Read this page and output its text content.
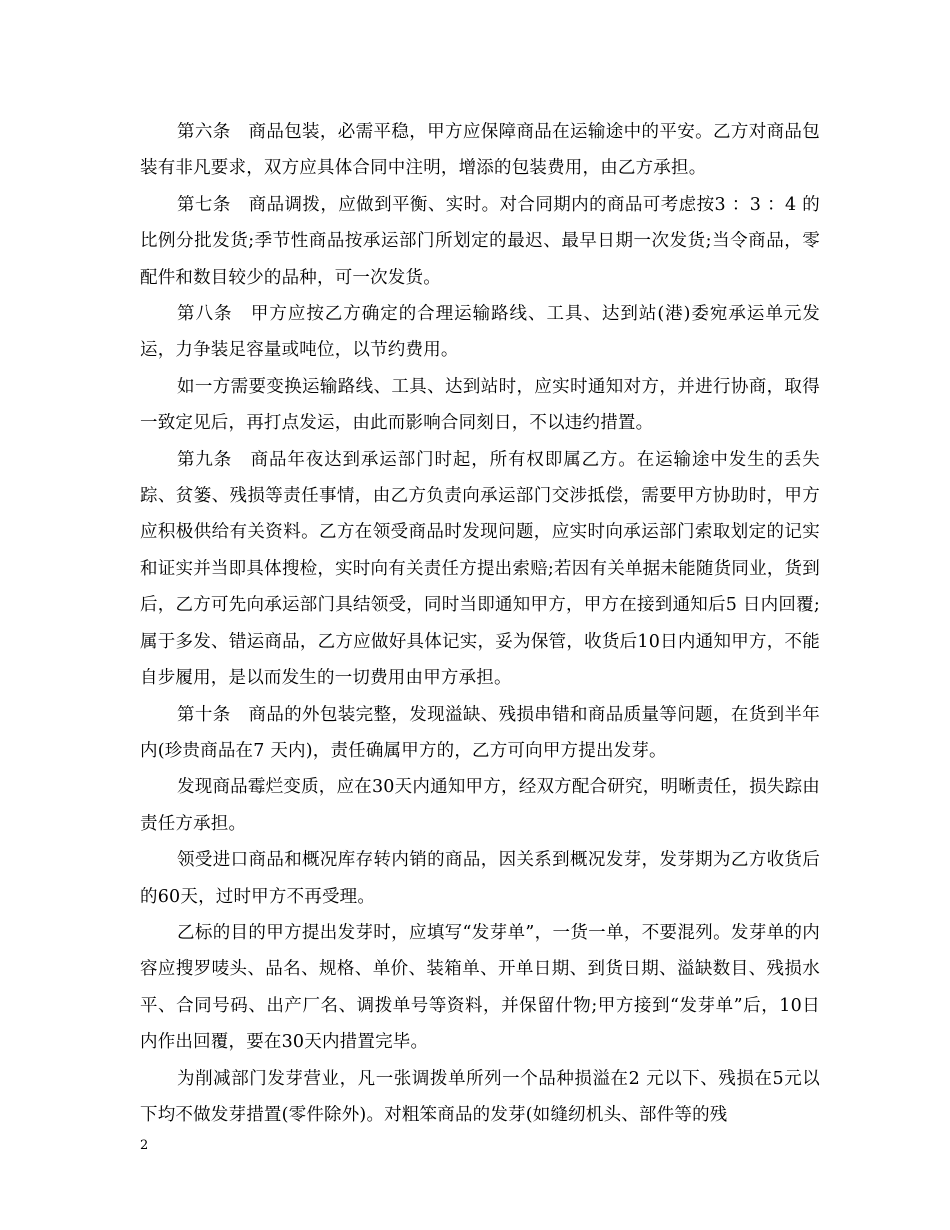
第六条　商品包装，必需平稳，甲方应保障商品在运输途中的平安。乙方对商品包装有非凡要求，双方应具体合同中注明，增添的包装费用，由乙方承担。

第七条　商品调拨，应做到平衡、实时。对合同期内的商品可考虑按3 ：3 ：4 的比例分批发货;季节性商品按承运部门所划定的最迟、最早日期一次发货;当令商品，零配件和数目较少的品种，可一次发货。

第八条　甲方应按乙方确定的合理运输路线、工具、达到站(港)委宛承运单元发运，力争装足容量或吨位，以节约费用。

如一方需要变换运输路线、工具、达到站时，应实时通知对方，并进行协商，取得一致定见后，再打点发运，由此而影响合同刻日，不以违约措置。

第九条　商品年夜达到承运部门时起，所有权即属乙方。在运输途中发生的丢失踪、贫篓、残损等责任事情，由乙方负责向承运部门交涉抵偿，需要甲方协助时，甲方应积极供给有关资料。乙方在领受商品时发现问题，应实时向承运部门索取划定的记实和证实并当即具体搜检，实时向有关责任方提出索赔;若因有关单据未能随货同业，货到后，乙方可先向承运部门具结领受，同时当即通知甲方，甲方在接到通知后5 日内回覆;属于多发、错运商品，乙方应做好具体记实，妥为保管，收货后10日内通知甲方，不能自步履用，是以而发生的一切费用由甲方承担。

第十条　商品的外包装完整，发现溢缺、残损串错和商品质量等问题，在货到半年内(珍贵商品在7 天内)，责任确属甲方的，乙方可向甲方提出发芽。

发现商品霉烂变质，应在30天内通知甲方，经双方配合研究，明晰责任，损失踪由责任方承担。

领受进口商品和概况库存转内销的商品，因关系到概况发芽，发芽期为乙方收货后的60天，过时甲方不再受理。

乙标的目的甲方提出发芽时，应填写“发芽单”，一货一单，不要混列。发芽单的内容应搜罗唛头、品名、规格、单价、装箱单、开单日期、到货日期、溢缺数目、残损水平、合同号码、出产厂名、调拨单号等资料，并保留什物;甲方接到“发芽单”后，10日内作出回覆，要在30天内措置完毕。

为削减部门发芽营业，凡一张调拨单所列一个品种损溢在2 元以下、残损在5元以下均不做发芽措置(零件除外)。对粗笨商品的发芽(如缝纫机头、部件等的残

2
